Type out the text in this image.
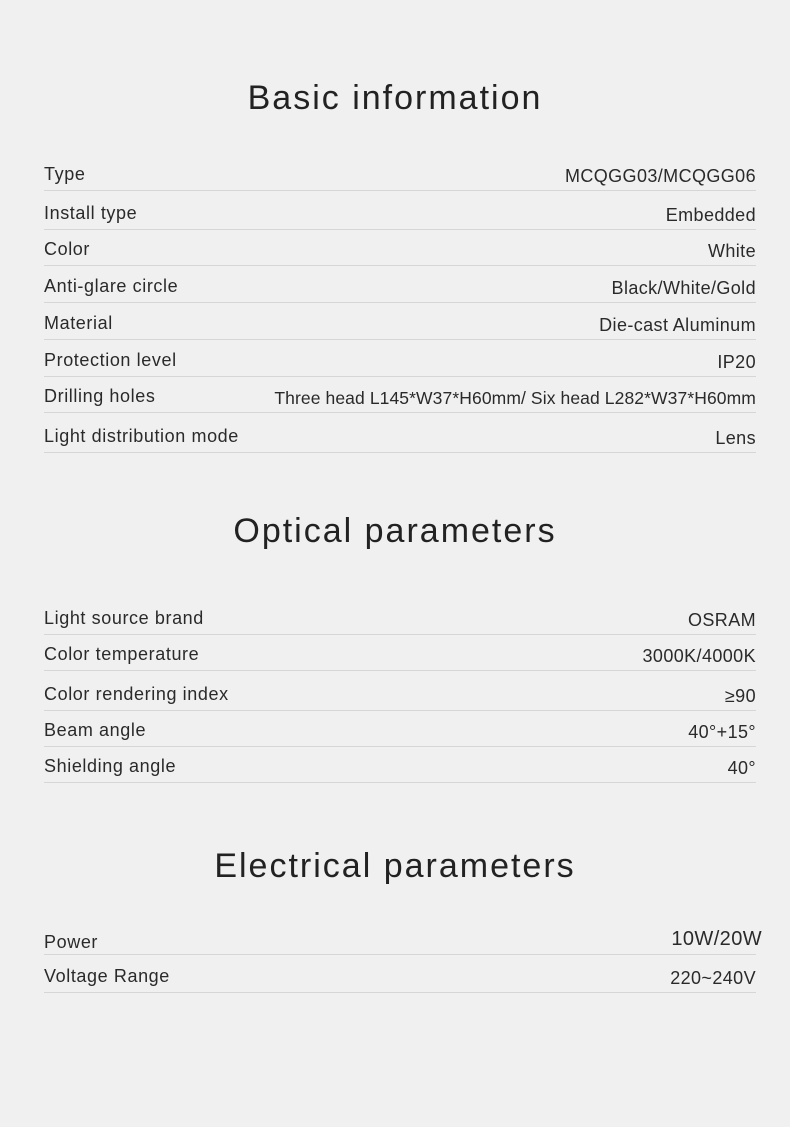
Basic information
Type	MCQGG03/MCQGG06
Install type	Embedded
Color	White
Anti-glare circle	Black/White/Gold
Material	Die-cast Aluminum
Protection level	IP20
Drilling holes	Three head L145*W37*H60mm/ Six head L282*W37*H60mm
Light distribution mode	Lens
Optical parameters
Light source brand	OSRAM
Color temperature	3000K/4000K
Color rendering index	≥90
Beam angle	40°+15°
Shielding angle	40°
Electrical parameters
Power	10W/20W
Voltage Range	220~240V
